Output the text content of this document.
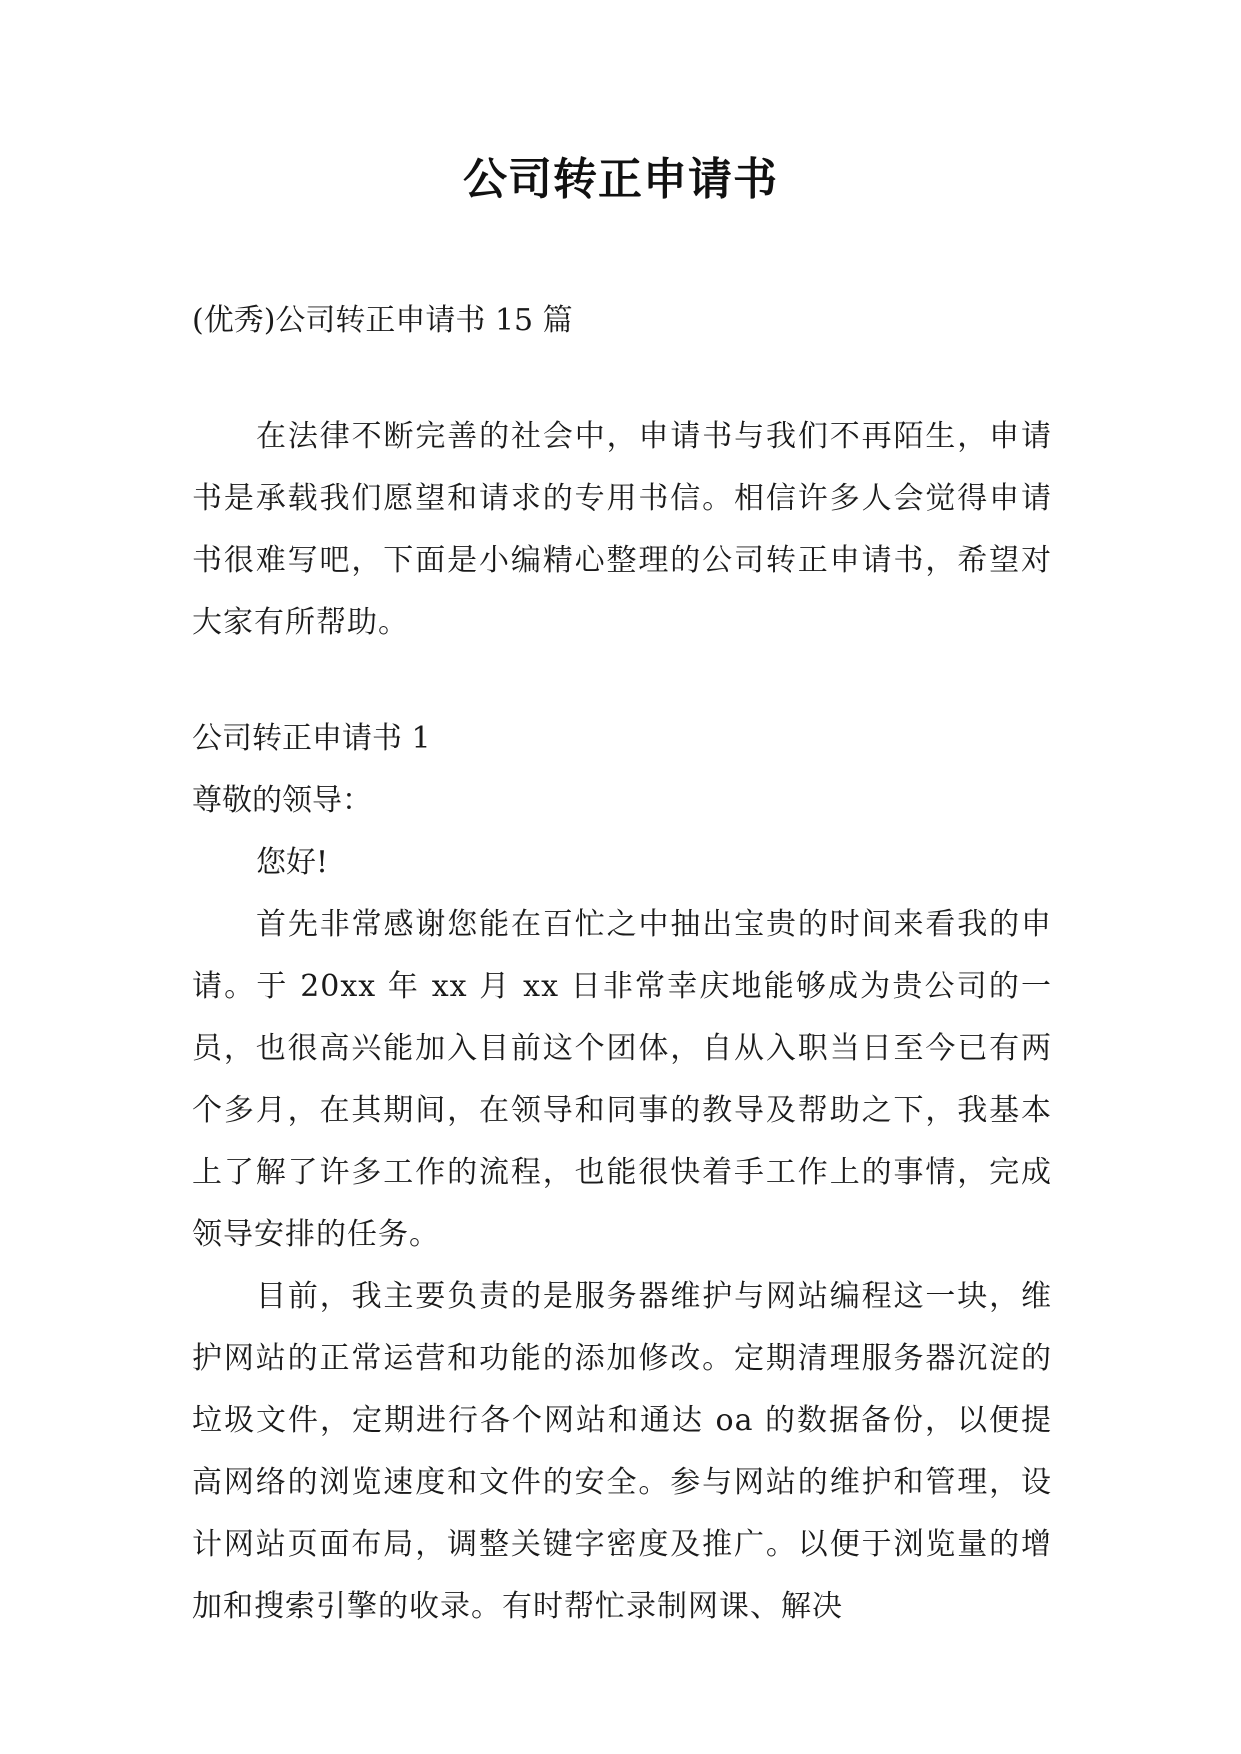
公司转正申请书

(优秀)公司转正申请书 15 篇

在法律不断完善的社会中，申请书与我们不再陌生，申请书是承载我们愿望和请求的专用书信。相信许多人会觉得申请书很难写吧，下面是小编精心整理的公司转正申请书，希望对大家有所帮助。

公司转正申请书 1

尊敬的领导：

您好!

首先非常感谢您能在百忙之中抽出宝贵的时间来看我的申请。于 20xx 年 xx 月 xx 日非常幸庆地能够成为贵公司的一员，也很高兴能加入目前这个团体，自从入职当日至今已有两个多月，在其期间，在领导和同事的教导及帮助之下，我基本上了解了许多工作的流程，也能很快着手工作上的事情，完成领导安排的任务。

目前，我主要负责的是服务器维护与网站编程这一块，维护网站的正常运营和功能的添加修改。定期清理服务器沉淀的垃圾文件，定期进行各个网站和通达 oa 的数据备份，以便提高网络的浏览速度和文件的安全。参与网站的维护和管理，设计网站页面布局，调整关键字密度及推广。以便于浏览量的增加和搜索引擎的收录。有时帮忙录制网课、解决
